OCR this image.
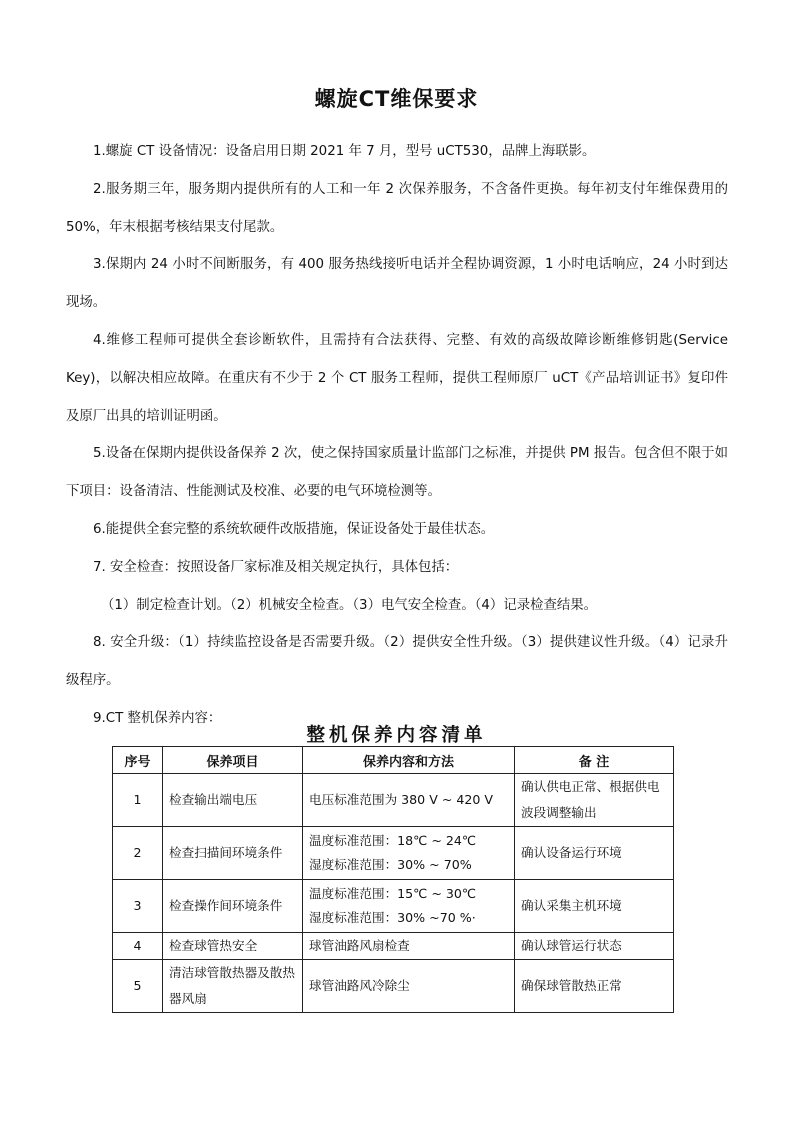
螺旋CT维保要求

1.螺旋 CT 设备情况：设备启用日期 2021 年 7 月，型号 uCT530，品牌上海联影。

2.服务期三年，服务期内提供所有的人工和一年 2 次保养服务，不含备件更换。每年初支付年维保费用的 50%，年末根据考核结果支付尾款。

3.保期内 24 小时不间断服务，有 400 服务热线接听电话并全程协调资源，1 小时电话响应，24 小时到达现场。

4.维修工程师可提供全套诊断软件，且需持有合法获得、完整、有效的高级故障诊断维修钥匙(Service Key)，以解决相应故障。在重庆有不少于 2 个 CT 服务工程师，提供工程师原厂 uCT《产品培训证书》复印件及原厂出具的培训证明函。

5.设备在保期内提供设备保养 2 次，使之保持国家质量计监部门之标准，并提供 PM 报告。包含但不限于如下项目：设备清洁、性能测试及校准、必要的电气环境检测等。

6.能提供全套完整的系统软硬件改版措施，保证设备处于最佳状态。

7. 安全检查：按照设备厂家标准及相关规定执行，具体包括：

（1）制定检查计划。（2）机械安全检查。（3）电气安全检查。（4）记录检查结果。

8. 安全升级：（1）持续监控设备是否需要升级。（2）提供安全性升级。（3）提供建议性升级。（4）记录升级程序。

9.CT 整机保养内容：

整机保养内容清单
序号	保养项目	保养内容和方法	备 注
1	检查输出端电压	电压标准范围为 380 V ~ 420 V	确认供电正常、根据供电波段调整输出
2	检查扫描间环境条件	温度标准范围：18℃ ~ 24℃
湿度标准范围：30% ~ 70%	确认设备运行环境
3	检查操作间环境条件	温度标准范围：15℃ ~ 30℃
湿度标准范围：30% ~70 %·	确认采集主机环境
4	检查球管热安全	球管油路风扇检查	确认球管运行状态
5	清洁球管散热器及散热器风扇	球管油路风冷除尘	确保球管散热正常
